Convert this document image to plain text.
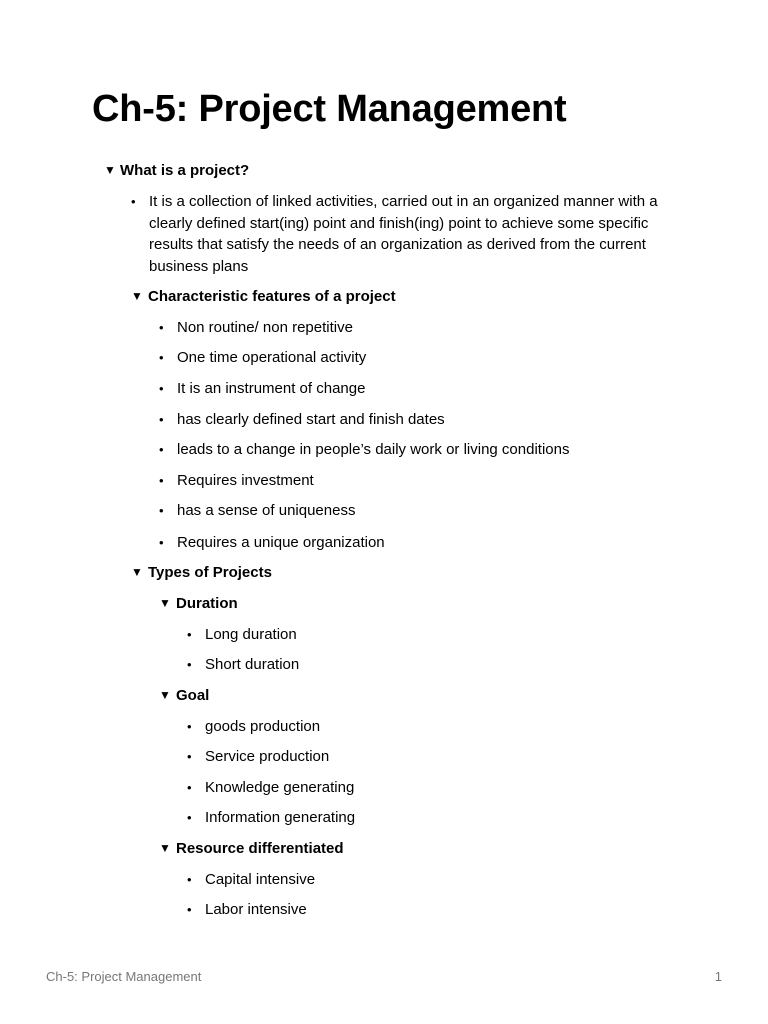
Ch-5: Project Management
▼ What is a project?
• It is a collection of linked activities, carried out in an organized manner with a clearly defined start(ing) point and finish(ing) point to achieve some specific results that satisfy the needs of an organization as derived from the current business plans
▼ Characteristic features of a project
• Non routine/ non repetitive
• One time operational activity
• It is an instrument of change
• has clearly defined start and finish dates
• leads to a change in people’s daily work or living conditions
• Requires investment
• has a sense of uniqueness
• Requires a unique organization
▼ Types of Projects
▼ Duration
• Long duration
• Short duration
▼ Goal
• goods production
• Service production
• Knowledge generating
• Information generating
▼ Resource differentiated
• Capital intensive
• Labor intensive
Ch-5: Project Management	1
